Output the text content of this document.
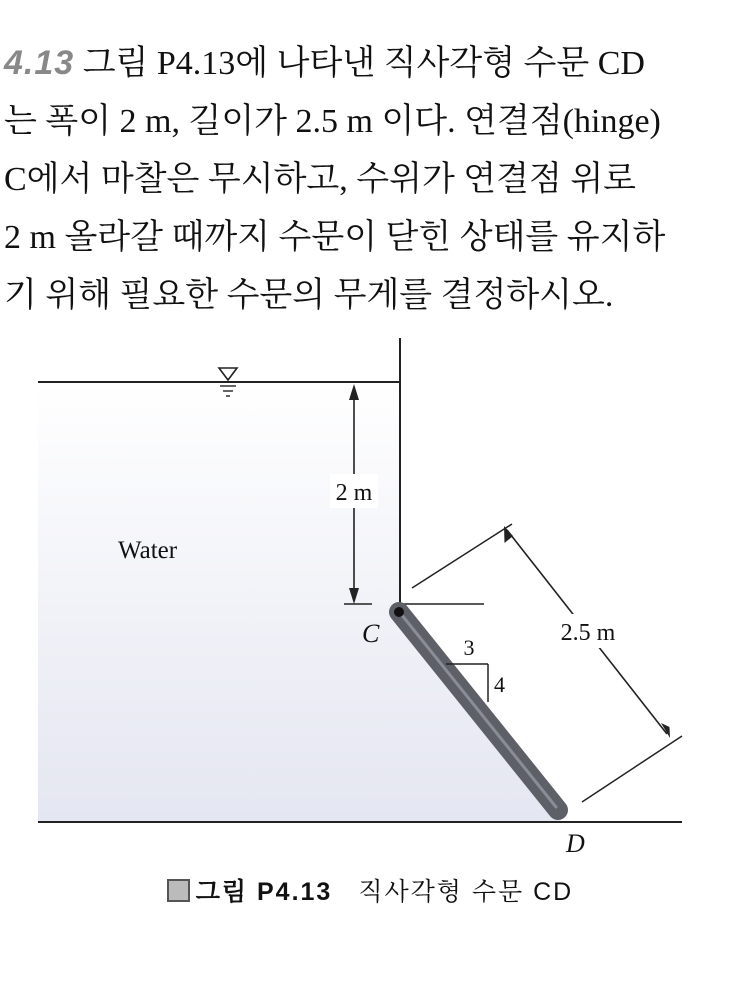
4.13 그림 P4.13에 나타낸 직사각형 수문 CD
는 폭이 2 m, 길이가 2.5 m 이다. 연결점(hinge)
C에서 마찰은 무시하고, 수위가 연결점 위로
2 m 올라갈 때까지 수문이 닫힌 상태를 유지하
기 위해 필요한 수문의 무게를 결정하시오.
2 m
Water
C
D
3
4
2.5 m
그림 P4.13 직사각형 수문 CD
